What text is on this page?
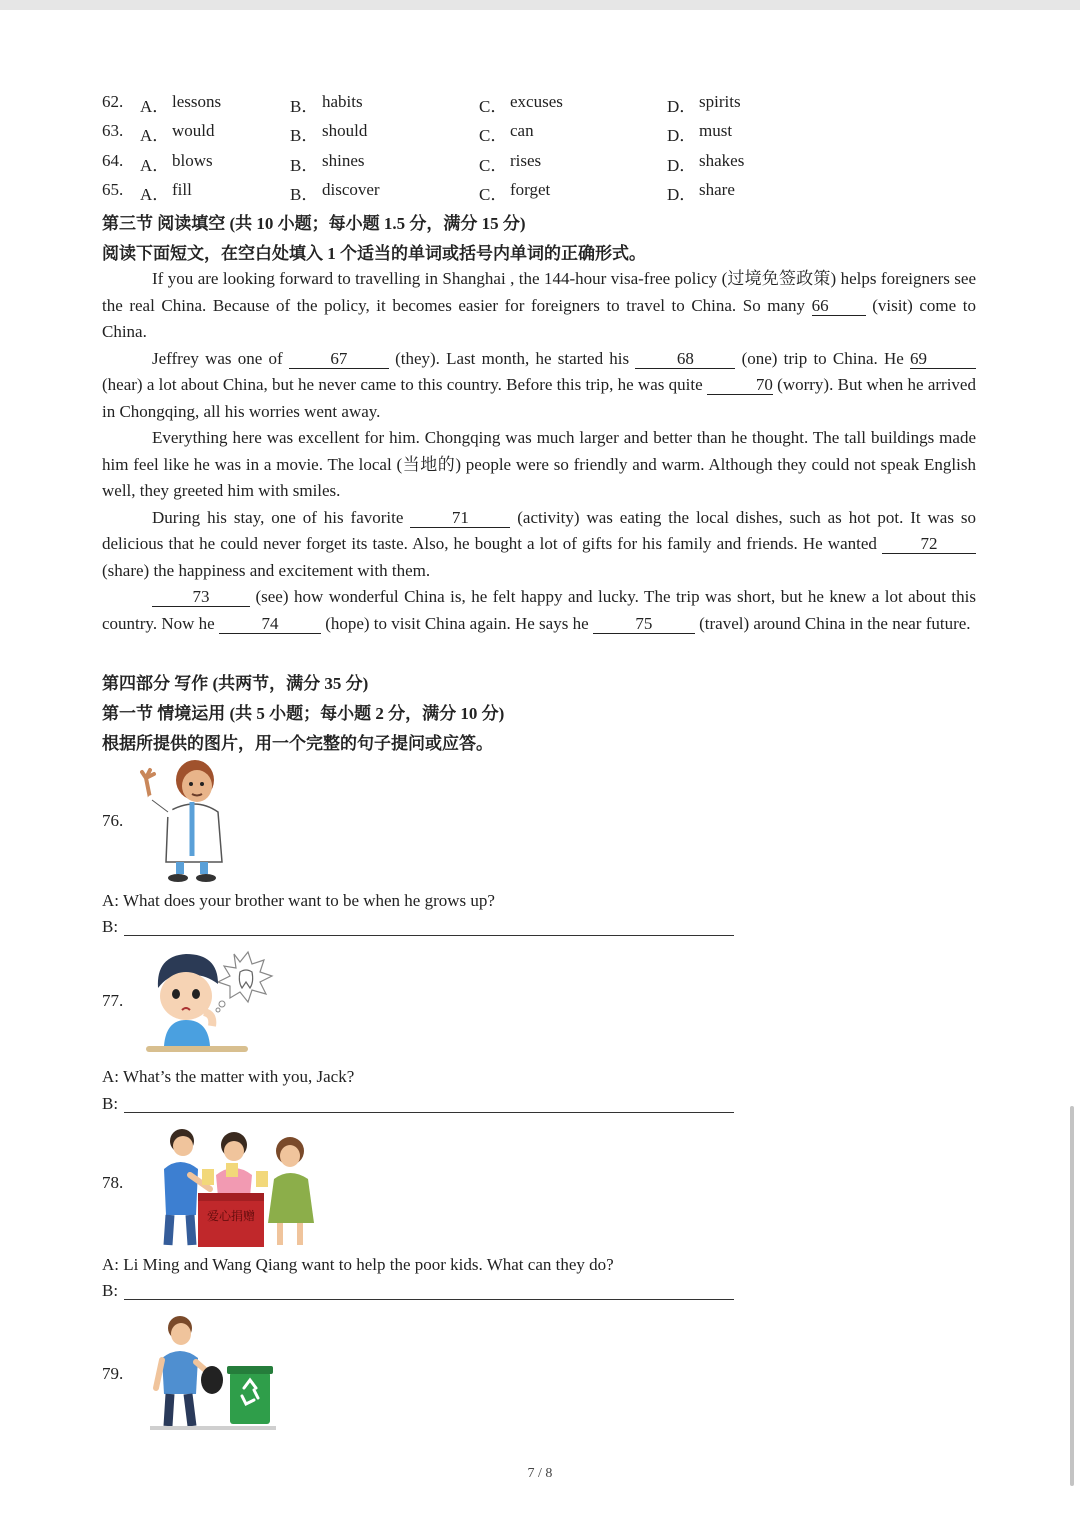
62. A． lessons	B． habits	C． excuses	D． spirits
63. A． would	B． should	C． can	D． must
64. A． blows	B． shines	C． rises	D． shakes
65. A． fill	B． discover	C． forget	D． share
第三节 阅读填空 (共 10 小题；每小题 1.5 分，满分 15 分)
阅读下面短文，在空白处填入 1 个适当的单词或括号内单词的正确形式。

If you are looking forward to travelling in Shanghai , the 144-hour visa-free policy (过境免签政策) helps foreigners see the real China. Because of the policy, it becomes easier for foreigners to travel to China. So many 66 (visit) come to China.

Jeffrey was one of 67 (they). Last month, he started his 68 (one) trip to China. He 69 (hear) a lot about China, but he never came to this country. Before this trip, he was quite	70 (worry). But when he arrived in Chongqing, all his worries went away.

Everything here was excellent for him. Chongqing was much larger and better than he thought. The tall buildings made him feel like he was in a movie. The local (当地的) people were so friendly and warm. Although they could not speak English well, they greeted him with smiles.

During his stay, one of his favorite 71 (activity) was eating the local dishes, such as hot pot. It was so delicious that he could never forget its taste. Also, he bought a lot of gifts for his family and friends. He wanted 72 (share) the happiness and excitement with them.

73 (see) how wonderful China is, he felt happy and lucky. The trip was short, but he knew a lot about this country. Now he	74	(hope) to visit China again. He says he	75	(travel) around China in the near future.

第四部分 写作 (共两节，满分 35 分)
第一节 情境运用 (共 5 小题；每小题 2 分，满分 10 分)
根据所提供的图片，用一个完整的句子提问或应答。
76.
A: What does your brother want to be when he grows up?
B:
77.
A: What’s the matter with you, Jack?
B:
78.
爱心捐赠
A: Li Ming and Wang Qiang want to help the poor kids. What can they do?
B:
79.
7 / 8
